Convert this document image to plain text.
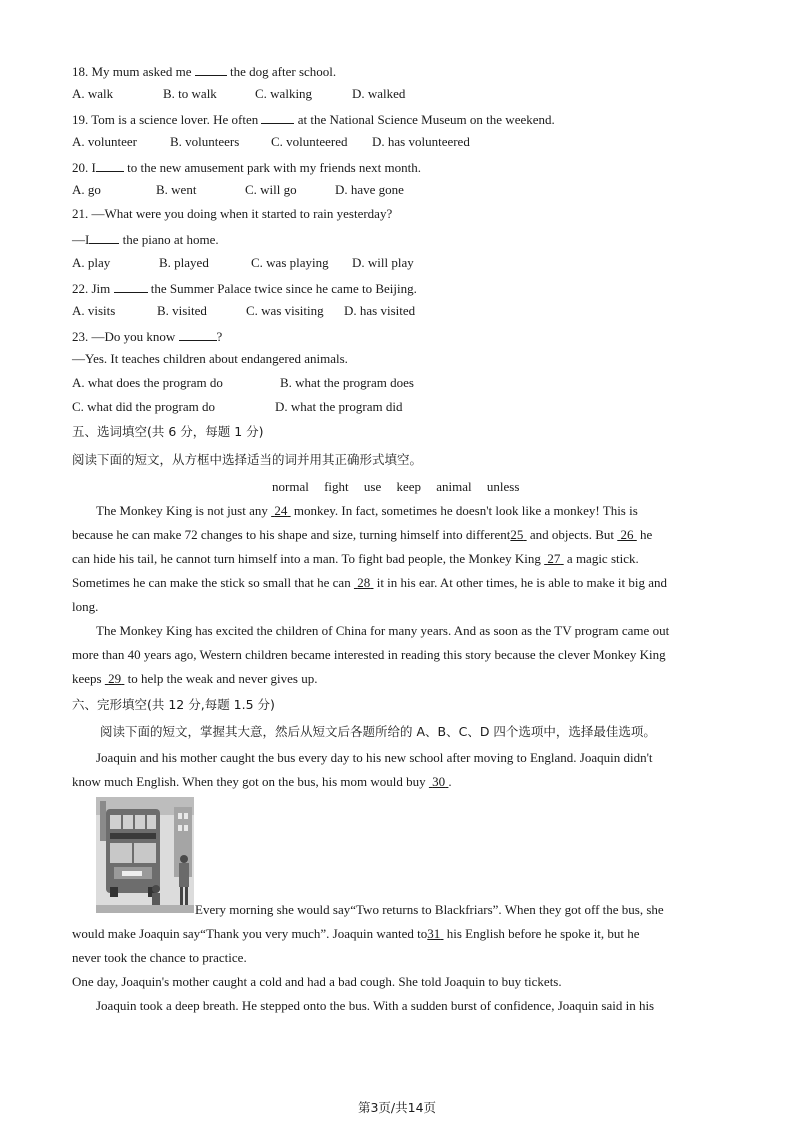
18. My mum asked me  the dog after school.
A. walk	B. to walk	C. walking	D. walked
19. Tom is a science lover. He often	at the National Science Museum on the weekend.
A. volunteer	B. volunteers C. volunteered D. has volunteered
20. I to the new amusement park with my friends next month.
A. go	B. went	C. will go	D. have gone
21. —What were you doing when it started to rain yesterday?
—I the piano at home.
A. play	B. played	C. was playing D. will play
22. Jim	the Summer Palace twice since he came to Beijing.
A. visits	B. visited	C. was visiting D. has visited
23. —Do you know	?
—Yes. It teaches children about endangered animals.
A. what does the program do	B. what the program does
C. what did the program do	D. what the program did
五、选词填空(共 6 分，每题 1 分)
阅读下面的短文，从方框中选择适当的词并用其正确形式填空。
normal fight use keep animal unless
The Monkey King is not just any  24  monkey. In fact, sometimes he doesn't look like a monkey! This is
because he can make 72 changes to his shape and size, turning himself into different25  and objects. But  26  he
can hide his tail, he cannot turn himself into a man. To fight bad people, the Monkey King  27  a magic stick.
Sometimes he can make the stick so small that he can  28  it in his ear. At other times, he is able to make it big and
long.
The Monkey King has excited the children of China for many years. And as soon as the TV program came out
more than 40 years ago, Western children became interested in reading this story because the clever Monkey King
keeps  29  to help the weak and never gives up.
六、完形填空(共 12 分,每题 1.5 分)
阅读下面的短文，掌握其大意，然后从短文后各题所给的 A、B、C、D 四个选项中，选择最佳选项。
Joaquin and his mother caught the bus every day to his new school after moving to England. Joaquin didn't
know much English. When they got on the bus, his mom would buy  30 .
Every morning she would say“Two returns to Blackfriars”. When they got off the bus, she
would make Joaquin say“Thank you very much”. Joaquin wanted to31  his English before he spoke it, but he
never took the chance to practice.
One day, Joaquin's mother caught a cold and had a bad cough. She told Joaquin to buy tickets.
Joaquin took a deep breath. He stepped onto the bus. With a sudden burst of confidence, Joaquin said in his
第3页/共14页
